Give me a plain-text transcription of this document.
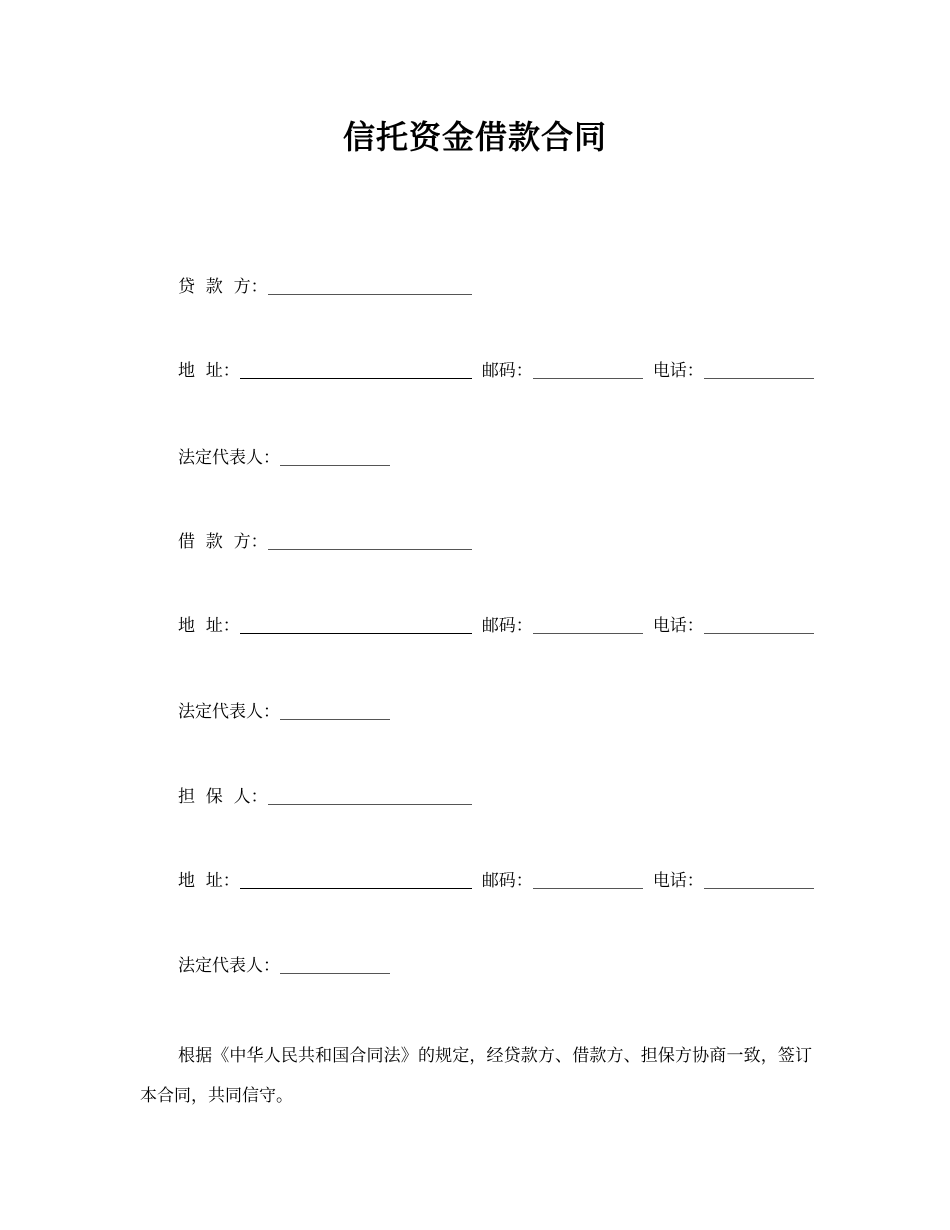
信托资金借款合同
贷  款  方：
地  址：	邮码：	电话：
法定代表人：
借  款  方：
地  址：	邮码：	电话：
法定代表人：
担  保  人：
地  址：	邮码：	电话：
法定代表人：
根据《中华人民共和国合同法》的规定，经贷款方、借款方、担保方协商一致，签订本合同，共同信守。
